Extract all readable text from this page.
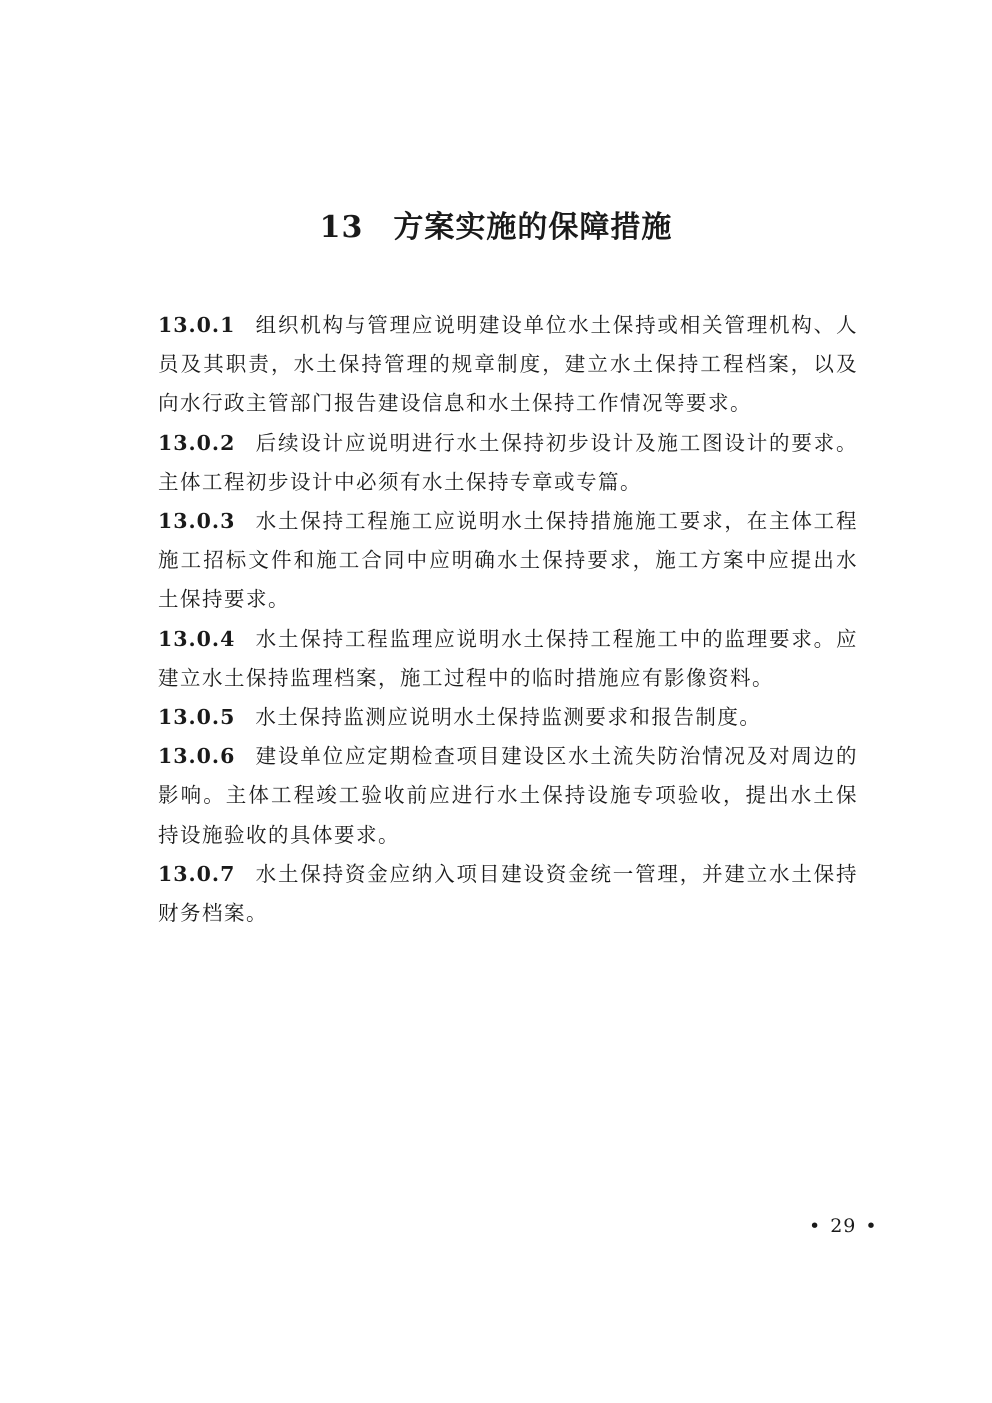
13 方案实施的保障措施

13.0.1 组织机构与管理应说明建设单位水土保持或相关管理机构、人员及其职责，水土保持管理的规章制度，建立水土保持工程档案，以及向水行政主管部门报告建设信息和水土保持工作情况等要求。

13.0.2 后续设计应说明进行水土保持初步设计及施工图设计的要求。主体工程初步设计中必须有水土保持专章或专篇。

13.0.3 水土保持工程施工应说明水土保持措施施工要求，在主体工程施工招标文件和施工合同中应明确水土保持要求，施工方案中应提出水土保持要求。

13.0.4 水土保持工程监理应说明水土保持工程施工中的监理要求。应建立水土保持监理档案，施工过程中的临时措施应有影像资料。

13.0.5 水土保持监测应说明水土保持监测要求和报告制度。

13.0.6 建设单位应定期检查项目建设区水土流失防治情况及对周边的影响。主体工程竣工验收前应进行水土保持设施专项验收，提出水土保持设施验收的具体要求。

13.0.7 水土保持资金应纳入项目建设资金统一管理，并建立水土保持财务档案。

• 29 •
